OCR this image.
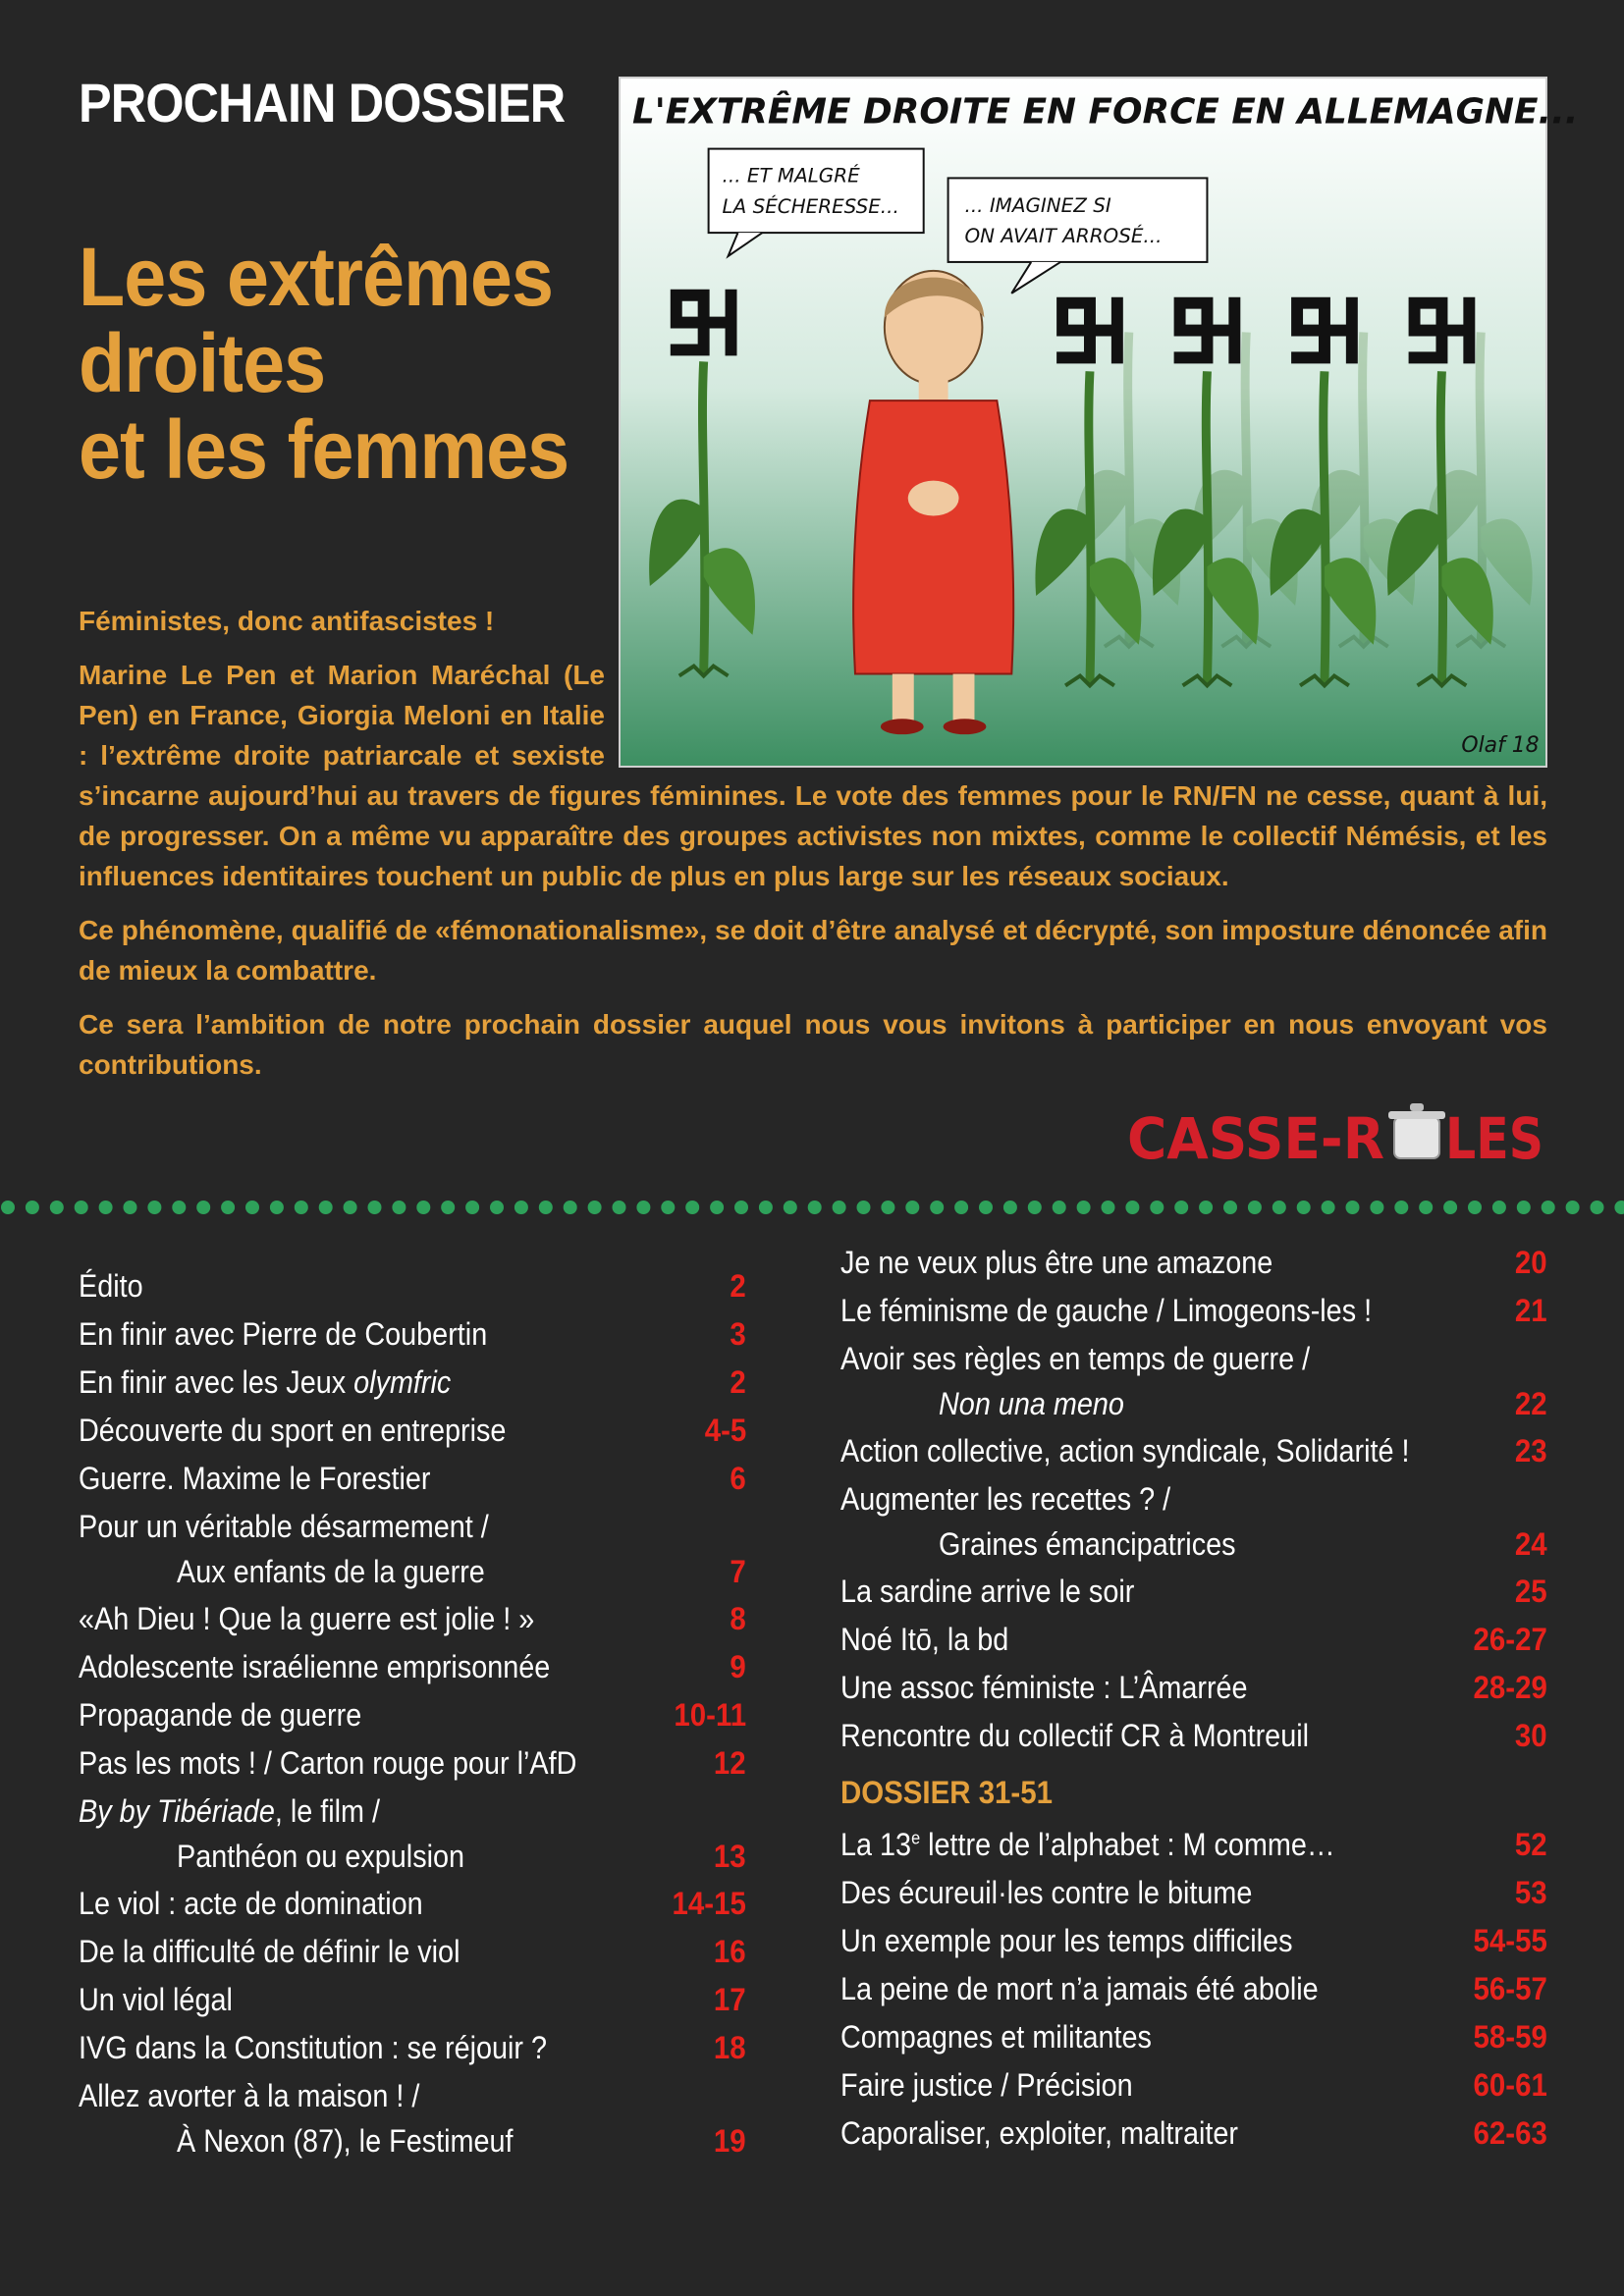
PROCHAIN DOSSIER
Les extrêmes
droites
et les femmes
L'EXTRÊME DROITE EN FORCE EN ALLEMAGNE...
... ET MALGRÉ
LA SÉCHERESSE...	... IMAGINEZ SI
ON AVAIT ARROSÉ...
Olaf 18

Féministes, donc antifascistes !

Marine Le Pen et Marion Maréchal (Le Pen) en France, Giorgia Meloni en Italie : l’extrême droite patriarcale et sexiste s’incarne aujourd’hui au travers de figures féminines. Le vote des femmes pour le RN/FN ne cesse, quant à lui, de progresser. On a même vu apparaître des groupes activistes non mixtes, comme le collectif Némésis, et les influences identitaires touchent un public de plus en plus large sur les réseaux sociaux.

Ce phénomène, qualifié de «fémonationalisme», se doit d’être analysé et décrypté, son imposture dénoncée afin de mieux la combattre.

Ce sera l’ambition de notre prochain dossier auquel nous vous invitons à participer en nous envoyant vos contributions.

CASSE-R LES
Édito	2
En finir avec Pierre de Coubertin	3
En finir avec les Jeux olymfric	2
Découverte du sport en entreprise	4-5
Guerre. Maxime le Forestier	6
Pour un véritable désarmement /
Aux enfants de la guerre	7
«Ah Dieu ! Que la guerre est jolie ! »	8
Adolescente israélienne emprisonnée	9
Propagande de guerre	10-11
Pas les mots ! / Carton rouge pour l’AfD	12
By by Tibériade, le film /
Panthéon ou expulsion	13
Le viol : acte de domination	14-15
De la difficulté de définir le viol	16
Un viol légal	17
IVG dans la Constitution : se réjouir ?	18
Allez avorter à la maison ! /
À Nexon (87), le Festimeuf	19
Je ne veux plus être une amazone	20
Le féminisme de gauche / Limogeons-les !	21
Avoir ses règles en temps de guerre /
Non una meno	22
Action collective, action syndicale, Solidarité !	23
Augmenter les recettes ? /
Graines émancipatrices	24
La sardine arrive le soir	25
Noé Itō, la bd	26-27
Une assoc féministe : L’Âmarrée	28-29
Rencontre du collectif CR à Montreuil	30
DOSSIER 31-51
La 13e lettre de l’alphabet : M comme…	52
Des écureuil·les contre le bitume	53
Un exemple pour les temps difficiles	54-55
La peine de mort n’a jamais été abolie	56-57
Compagnes et militantes	58-59
Faire justice / Précision	60-61
Caporaliser, exploiter, maltraiter	62-63
